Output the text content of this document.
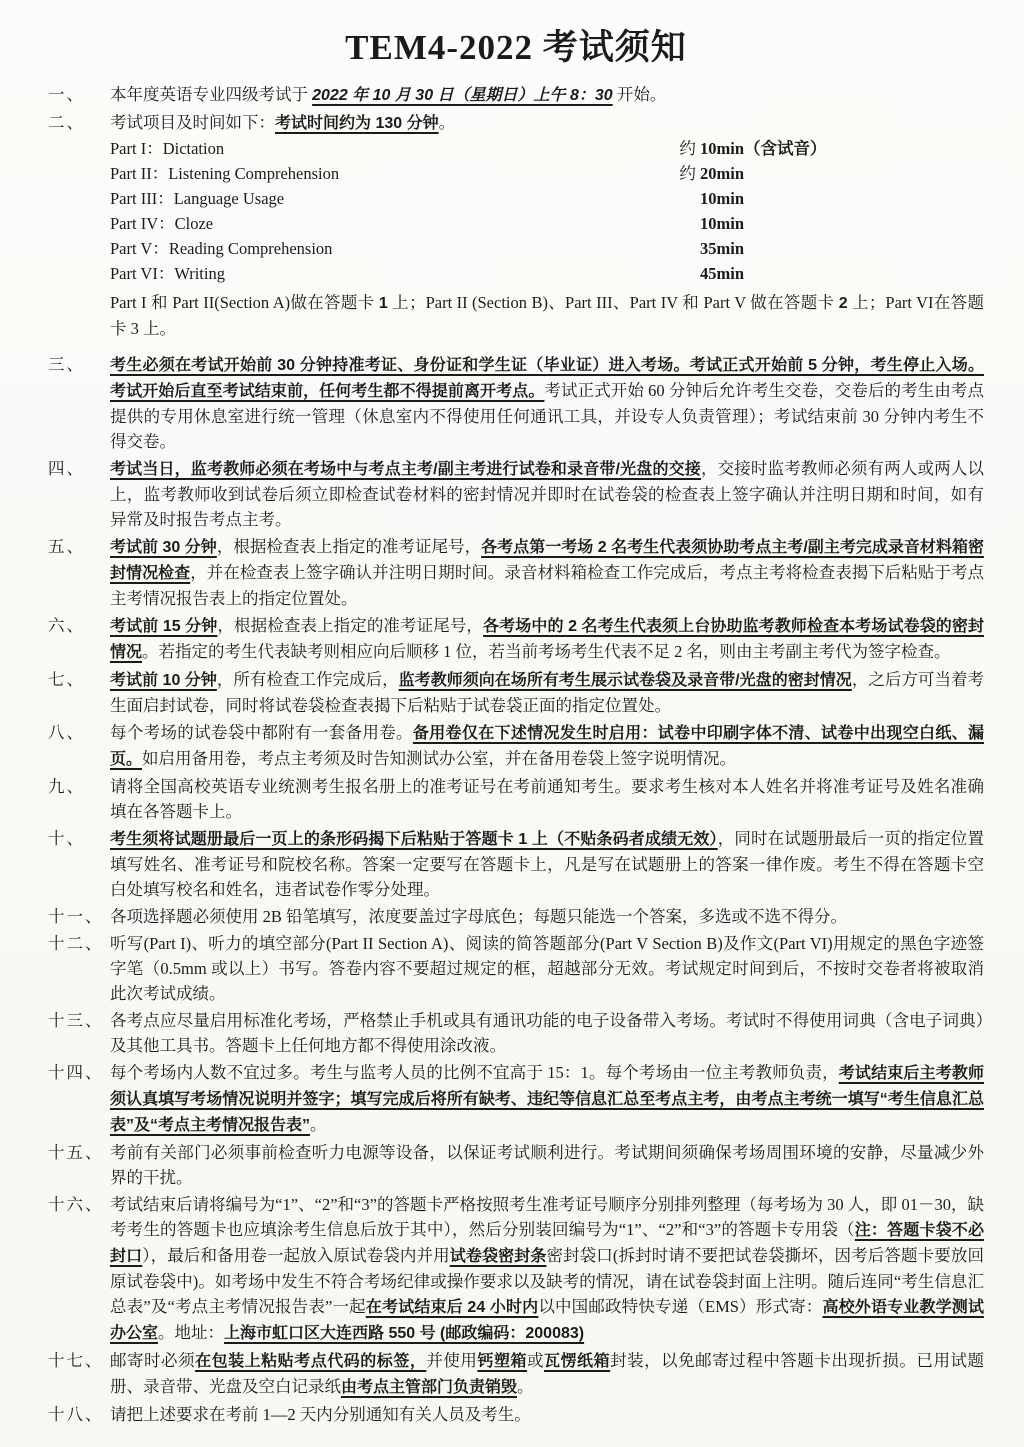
TEM4-2022 考试须知
一、	本年度英语专业四级考试于 2022 年 10 月 30 日（星期日）上午 8：30 开始。
二、	考试项目及时间如下：考试时间约为 130 分钟。
Part I：Dictation	约 10min（含试音）
Part II：Listening Comprehension	约 20min
Part III：Language Usage	10min
Part IV：Cloze	10min
Part V：Reading Comprehension	35min
Part VI：Writing	45min
Part I 和 Part II(Section A)做在答题卡 1 上；Part II (Section B)、Part III、Part IV 和 Part V 做在答题卡 2 上；Part VI在答题卡 3 上。
三、	考生必须在考试开始前 30 分钟持准考证、身份证和学生证（毕业证）进入考场。考试正式开始前 5 分钟，考生停止入场。考试开始后直至考试结束前，任何考生都不得提前离开考点。考试正式开始 60 分钟后允许考生交卷，交卷后的考生由考点提供的专用休息室进行统一管理（休息室内不得使用任何通讯工具，并设专人负责管理）；考试结束前 30 分钟内考生不得交卷。
四、	考试当日，监考教师必须在考场中与考点主考/副主考进行试卷和录音带/光盘的交接，交接时监考教师必须有两人或两人以上，监考教师收到试卷后须立即检查试卷材料的密封情况并即时在试卷袋的检查表上签字确认并注明日期和时间，如有异常及时报告考点主考。
五、	考试前 30 分钟，根据检查表上指定的准考证尾号，各考点第一考场 2 名考生代表须协助考点主考/副主考完成录音材料箱密封情况检查，并在检查表上签字确认并注明日期时间。录音材料箱检查工作完成后，考点主考将检查表揭下后粘贴于考点主考情况报告表上的指定位置处。
六、	考试前 15 分钟，根据检查表上指定的准考证尾号，各考场中的 2 名考生代表须上台协助监考教师检查本考场试卷袋的密封情况。若指定的考生代表缺考则相应向后顺移 1 位，若当前考场考生代表不足 2 名，则由主考副主考代为签字检查。
七、	考试前 10 分钟，所有检查工作完成后，监考教师须向在场所有考生展示试卷袋及录音带/光盘的密封情况，之后方可当着考生面启封试卷，同时将试卷袋检查表揭下后粘贴于试卷袋正面的指定位置处。
八、	每个考场的试卷袋中都附有一套备用卷。备用卷仅在下述情况发生时启用：试卷中印刷字体不清、试卷中出现空白纸、漏页。如启用备用卷，考点主考须及时告知测试办公室，并在备用卷袋上签字说明情况。
九、	请将全国高校英语专业统测考生报名册上的准考证号在考前通知考生。要求考生核对本人姓名并将准考证号及姓名准确填在各答题卡上。
十、	考生须将试题册最后一页上的条形码揭下后粘贴于答题卡 1 上（不贴条码者成绩无效），同时在试题册最后一页的指定位置填写姓名、准考证号和院校名称。答案一定要写在答题卡上，凡是写在试题册上的答案一律作废。考生不得在答题卡空白处填写校名和姓名，违者试卷作零分处理。
十一、 各项选择题必须使用 2B 铅笔填写，浓度要盖过字母底色；每题只能选一个答案，多选或不选不得分。
十二、 听写(Part I)、听力的填空部分(Part II Section A)、阅读的简答题部分(Part V Section B)及作文(Part VI)用规定的黑色字迹签字笔（0.5mm 或以上）书写。答卷内容不要超过规定的框，超越部分无效。考试规定时间到后，不按时交卷者将被取消此次考试成绩。
十三、 各考点应尽量启用标准化考场，严格禁止手机或具有通讯功能的电子设备带入考场。考试时不得使用词典（含电子词典）及其他工具书。答题卡上任何地方都不得使用涂改液。
十四、 每个考场内人数不宜过多。考生与监考人员的比例不宜高于 15：1。每个考场由一位主考教师负责，考试结束后主考教师须认真填写考场情况说明并签字；填写完成后将所有缺考、违纪等信息汇总至考点主考，由考点主考统一填写“考生信息汇总表”及“考点主考情况报告表”。
十五、 考前有关部门必须事前检查听力电源等设备，以保证考试顺利进行。考试期间须确保考场周围环境的安静，尽量减少外界的干扰。
十六、 考试结束后请将编号为“1”、“2”和“3”的答题卡严格按照考生准考证号顺序分别排列整理（每考场为 30 人，即 01－30，缺考考生的答题卡也应填涂考生信息后放于其中），然后分别装回编号为“1”、“2”和“3”的答题卡专用袋（注：答题卡袋不必封口），最后和备用卷一起放入原试卷袋内并用试卷袋密封条密封袋口(拆封时请不要把试卷袋撕坏，因考后答题卡要放回原试卷袋中)。如考场中发生不符合考场纪律或操作要求以及缺考的情况，请在试卷袋封面上注明。随后连同“考生信息汇总表”及“考点主考情况报告表”一起在考试结束后 24 小时内以中国邮政特快专递（EMS）形式寄：高校外语专业教学测试办公室。地址：上海市虹口区大连西路 550 号 (邮政编码：200083)
十七、 邮寄时必须在包装上粘贴考点代码的标签，并使用钙塑箱或瓦愣纸箱封装，以免邮寄过程中答题卡出现折损。已用试题册、录音带、光盘及空白记录纸由考点主管部门负责销毁。
十八、 请把上述要求在考前 1—2 天内分别通知有关人员及考生。
